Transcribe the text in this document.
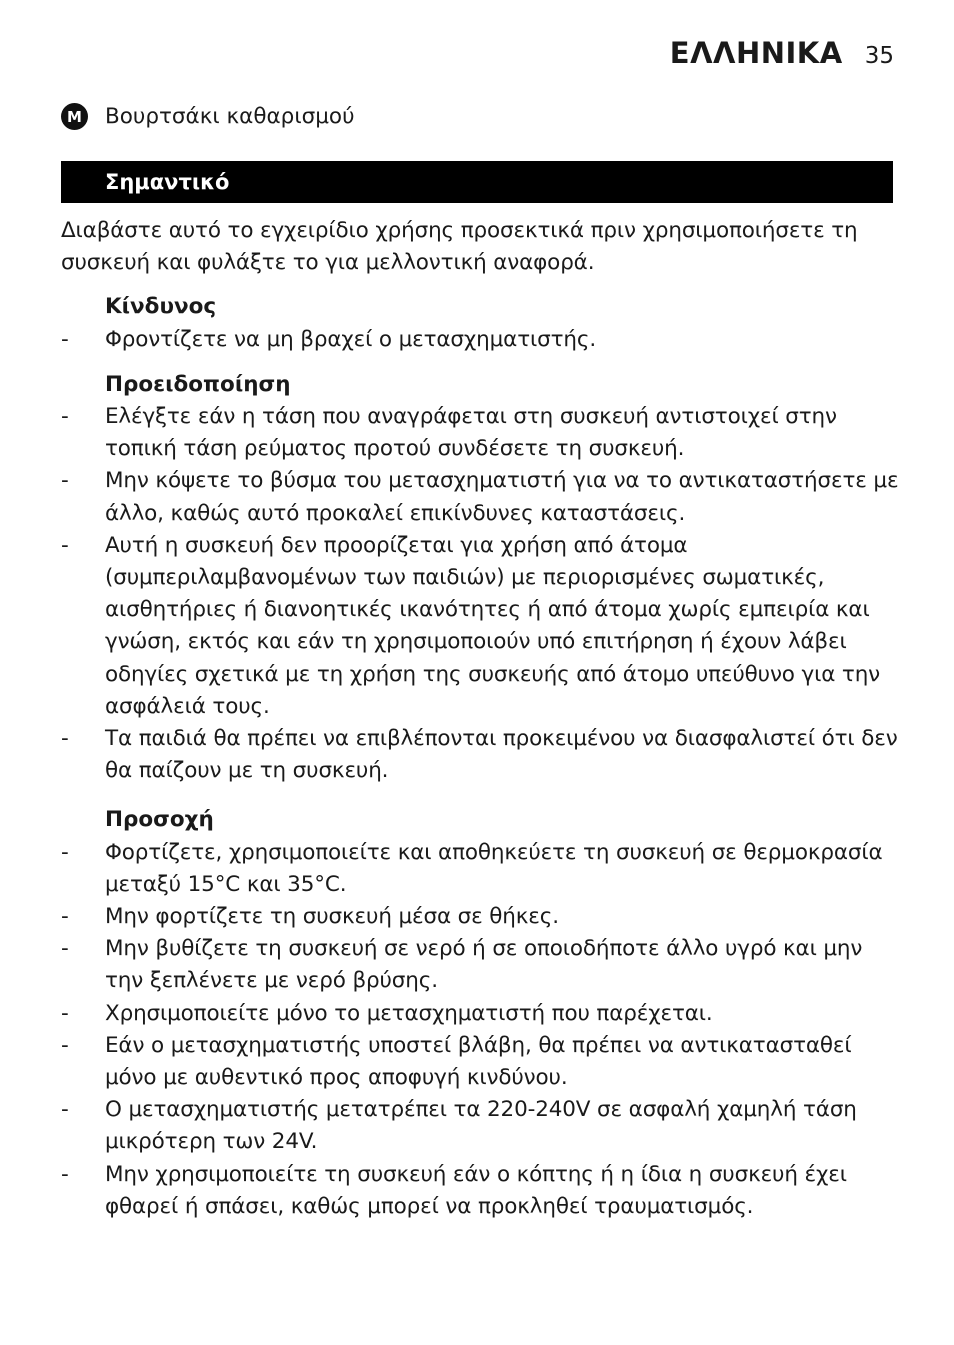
ΕΛΛΗΝΙΚΑ 35
M Βουρτσάκι καθαρισμού
Σημαντικό

Διαβάστε αυτό το εγχειρίδιο χρήσης προσεκτικά πριν χρησιμοποιήσετε τη συσκευή και φυλάξτε το για μελλοντική αναφορά.

Κίνδυνος
- Φροντίζετε να μη βραχεί ο μετασχηματιστής.
Προειδοποίηση
- Ελέγξτε εάν η τάση που αναγράφεται στη συσκευή αντιστοιχεί στην τοπική τάση ρεύματος προτού συνδέσετε τη συσκευή.
- Μην κόψετε το βύσμα του μετασχηματιστή για να το αντικαταστήσετε με άλλο, καθώς αυτό προκαλεί επικίνδυνες καταστάσεις.
- Αυτή η συσκευή δεν προορίζεται για χρήση από άτομα (συμπεριλαμβανομένων των παιδιών) με περιορισμένες σωματικές, αισθητήριες ή διανοητικές ικανότητες ή από άτομα χωρίς εμπειρία και γνώση, εκτός και εάν τη χρησιμοποιούν υπό επιτήρηση ή έχουν λάβει οδηγίες σχετικά με τη χρήση της συσκευής από άτομο υπεύθυνο για την ασφάλειά τους.
- Τα παιδιά θα πρέπει να επιβλέπονται προκειμένου να διασφαλιστεί ότι δεν θα παίζουν με τη συσκευή.
Προσοχή
- Φορτίζετε, χρησιμοποιείτε και αποθηκεύετε τη συσκευή σε θερμοκρασία μεταξύ 15°C και 35°C.
- Μην φορτίζετε τη συσκευή μέσα σε θήκες.
- Μην βυθίζετε τη συσκευή σε νερό ή σε οποιοδήποτε άλλο υγρό και μην την ξεπλένετε με νερό βρύσης.
- Χρησιμοποιείτε μόνο το μετασχηματιστή που παρέχεται.
- Εάν ο μετασχηματιστής υποστεί βλάβη, θα πρέπει να αντικατασταθεί μόνο με αυθεντικό προς αποφυγή κινδύνου.
- Ο μετασχηματιστής μετατρέπει τα 220-240V σε ασφαλή χαμηλή τάση μικρότερη των 24V.
- Μην χρησιμοποιείτε τη συσκευή εάν ο κόπτης ή η ίδια η συσκευή έχει φθαρεί ή σπάσει, καθώς μπορεί να προκληθεί τραυματισμός.
